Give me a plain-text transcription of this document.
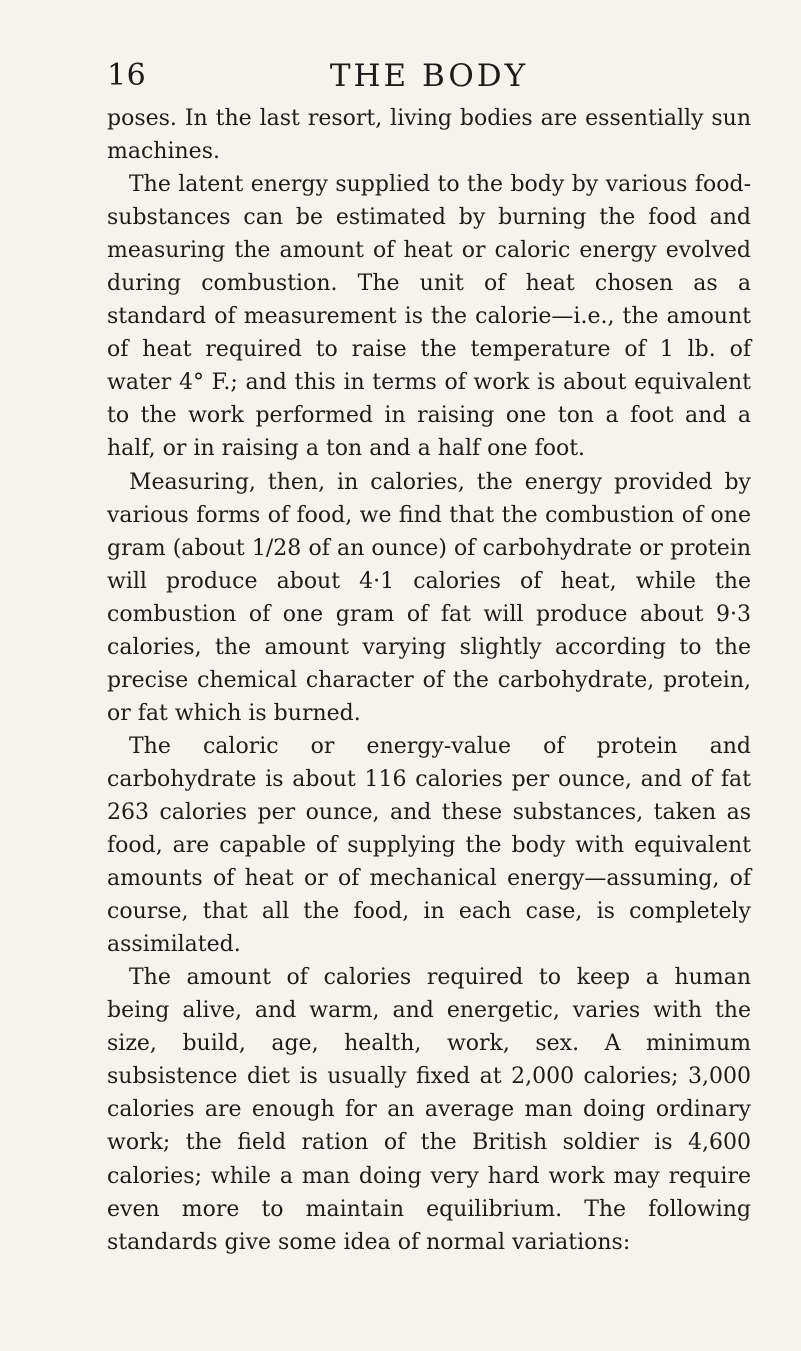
16	THE BODY

poses. In the last resort, living bodies are essentially sun machines.

The latent energy supplied to the body by various food-substances can be estimated by burning the food and measuring the amount of heat or caloric energy evolved during combustion. The unit of heat chosen as a standard of measurement is the calorie—i.e., the amount of heat required to raise the temperature of 1 lb. of water 4° F.; and this in terms of work is about equivalent to the work performed in raising one ton a foot and a half, or in raising a ton and a half one foot.

Measuring, then, in calories, the energy provided by various forms of food, we find that the combustion of one gram (about 1/28 of an ounce) of carbohydrate or protein will produce about 4·1 calories of heat, while the combustion of one gram of fat will produce about 9·3 calories, the amount varying slightly according to the precise chemical character of the carbohydrate, protein, or fat which is burned.

The caloric or energy-value of protein and carbohydrate is about 116 calories per ounce, and of fat 263 calories per ounce, and these substances, taken as food, are capable of supplying the body with equivalent amounts of heat or of mechanical energy—assuming, of course, that all the food, in each case, is completely assimilated.

The amount of calories required to keep a human being alive, and warm, and energetic, varies with the size, build, age, health, work, sex. A minimum subsistence diet is usually fixed at 2,000 calories; 3,000 calories are enough for an average man doing ordinary work; the field ration of the British soldier is 4,600 calories; while a man doing very hard work may require even more to maintain equilibrium. The following standards give some idea of normal variations:
